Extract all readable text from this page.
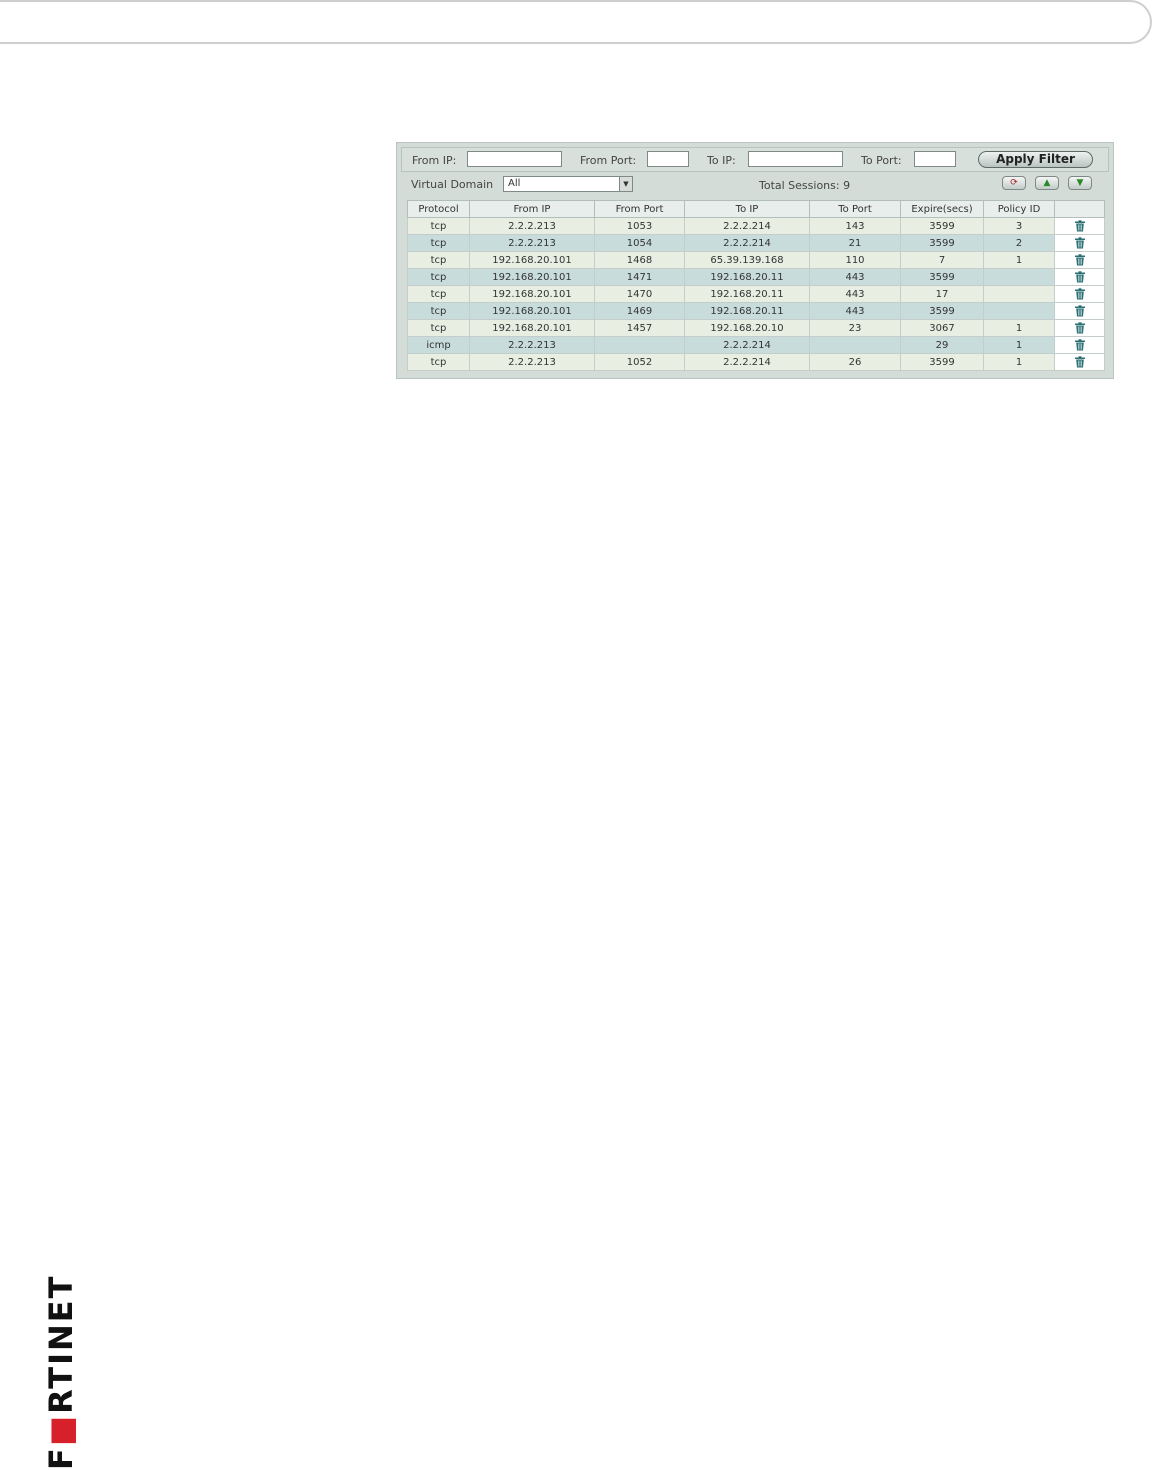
From IP:	From Port:	To IP:	To Port:	Apply Filter
Virtual Domain All	▼	Total Sessions: 9	⟳	▲	▼
Protocol	From IP	From Port	To IP	To Port	Expire(secs)	Policy ID	
tcp	2.2.2.213	1053	2.2.2.214	143	3599	3	
tcp	2.2.2.213	1054	2.2.2.214	21	3599	2	
tcp	192.168.20.101	1468	65.39.139.168	110	7	1	
tcp	192.168.20.101	1471	192.168.20.11	443	3599		
tcp	192.168.20.101	1470	192.168.20.11	443	17		
tcp	192.168.20.101	1469	192.168.20.11	443	3599		
tcp	192.168.20.101	1457	192.168.20.10	23	3067	1	
icmp	2.2.2.213		2.2.2.214		29	1	
tcp	2.2.2.213	1052	2.2.2.214	26	3599	1	
F■RTINET
